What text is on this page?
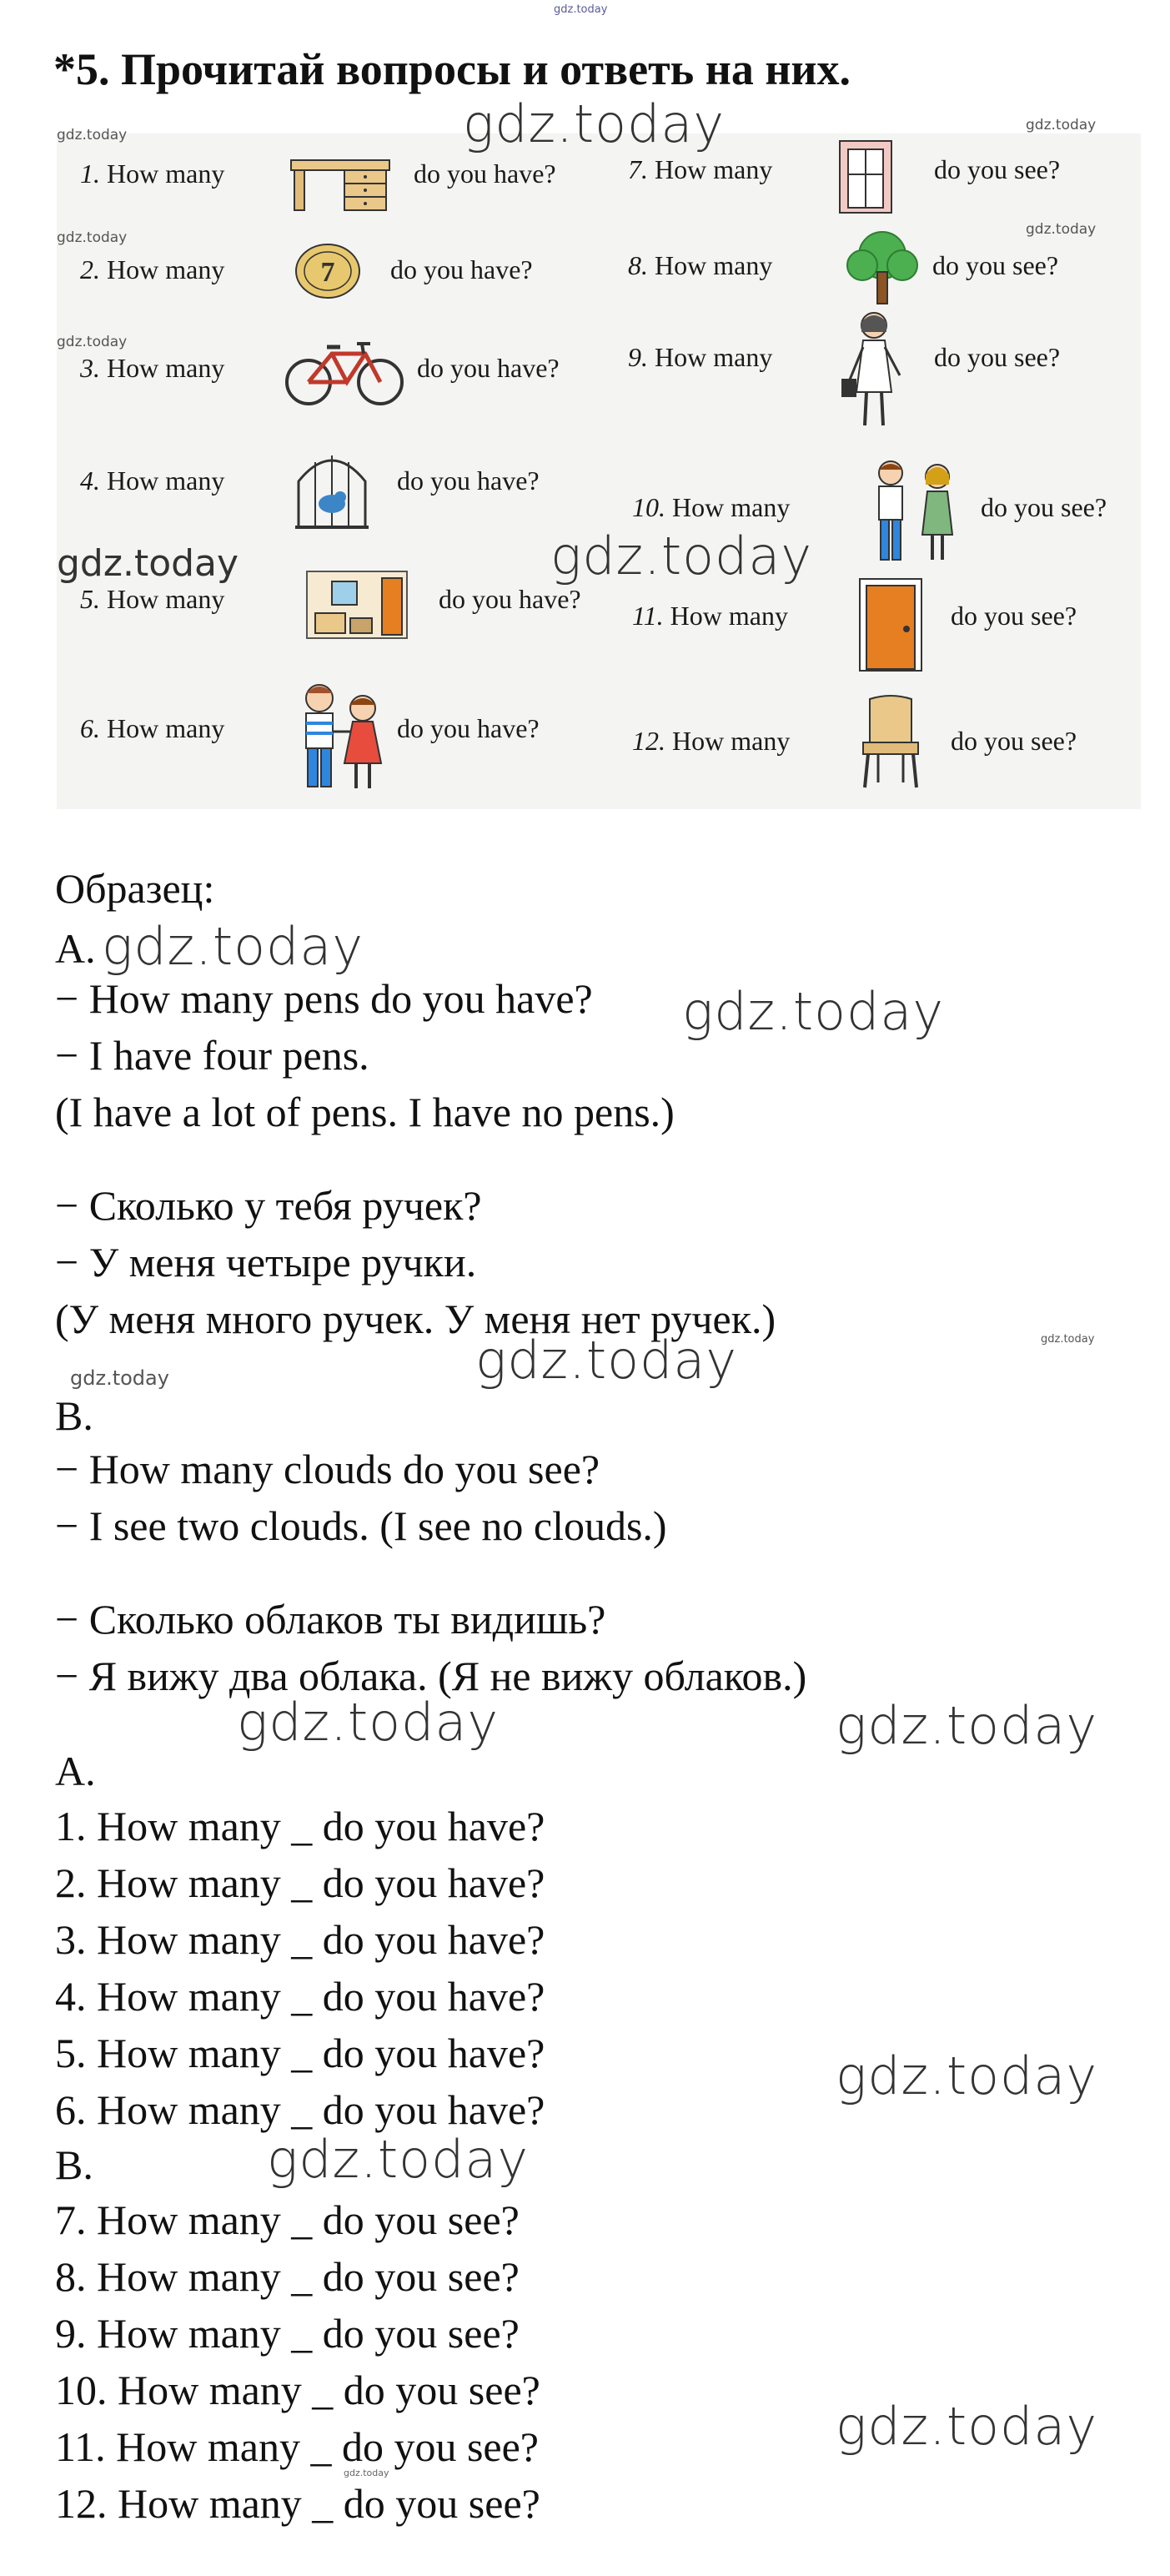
gdz.today
*5. Прочитай вопросы и ответь на них.
1. How many	do you have?
2. How many	7 do you have?
3. How many	do you have?
4. How many	do you have?
5. How many	do you have?
6. How many	do you have?
7. How many	do you see?
8. How many	do you see?
9. How many	do you see?
10. How many	do you see?
11. How many	do you see?
12. How many	do you see?
gdz.today
gdz.today
gdz.today
gdz.today	gdz.today
gdz.today
gdz.today	gdz.today
Образец:
A. gdz.today
− How many pens do you have? gdz.today
− I have four pens.
(I have a lot of pens. I have no pens.)
− Сколько у тебя ручек?
− У меня четыре ручки.
(У меня много ручек. У меня нет ручек.)
gdz.today	gdz.today
gdz.today
B.
− How many clouds do you see?
− I see two clouds. (I see no clouds.)
− Сколько облаков ты видишь?
− Я вижу два облака. (Я не вижу облаков.)
gdz.today	gdz.today
A.
1. How many _ do you have?
2. How many _ do you have?
3. How many _ do you have?
4. How many _ do you have?
5. How many _ do you have?	gdz.today
6. How many _ do you have?
B.	gdz.today
7. How many _ do you see?
8. How many _ do you see?
9. How many _ do you see?
10. How many _ do you see?
gdz.today
11. How many _ do you see?
12. How many _ do you see?
gdz.today
